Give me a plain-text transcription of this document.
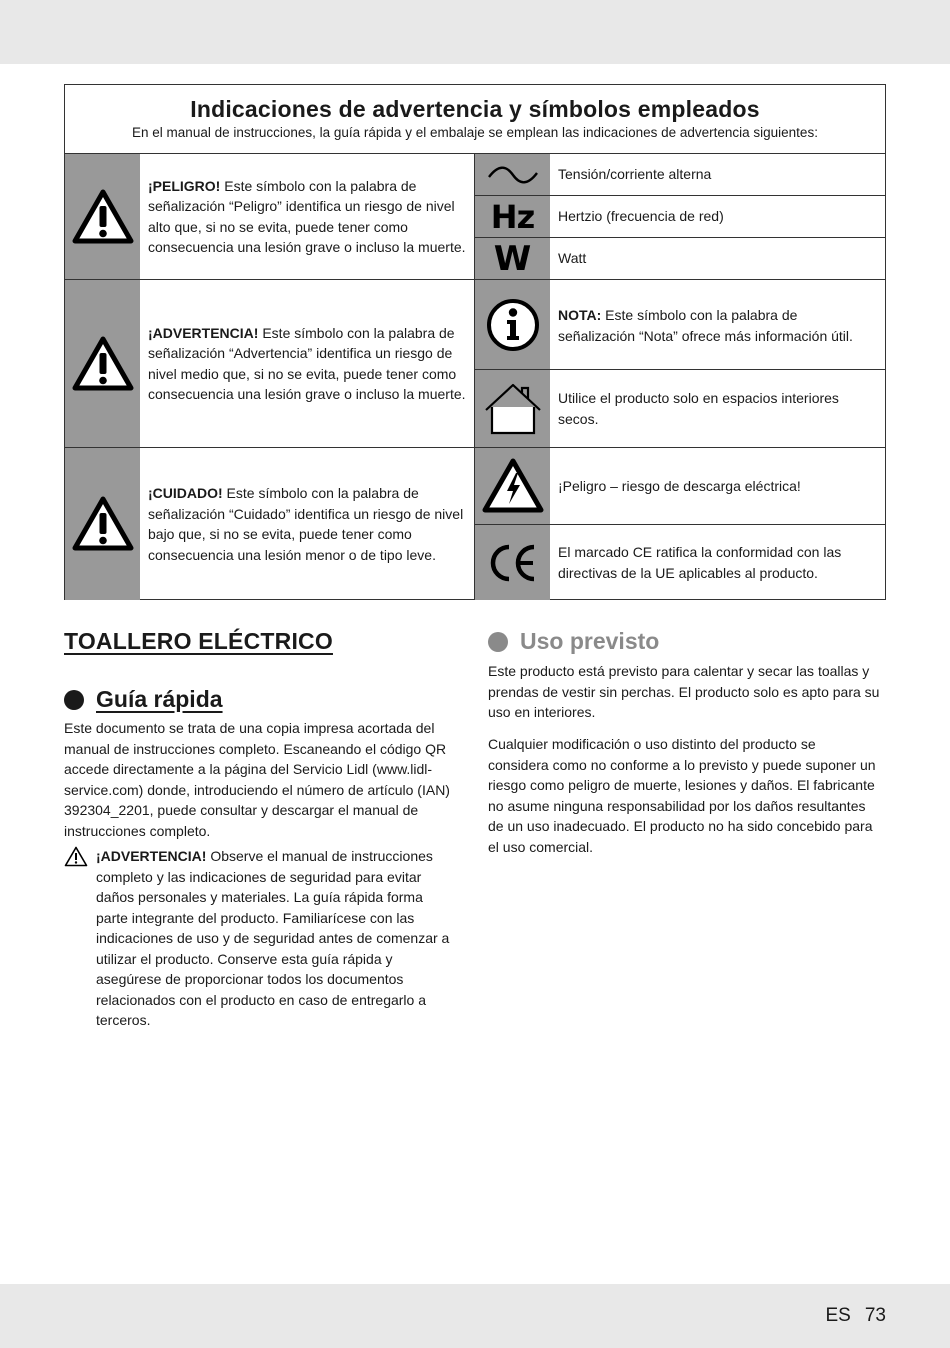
Indicaciones de advertencia y símbolos empleados
En el manual de instrucciones, la guía rápida y el embalaje se emplean las indicaciones de advertencia siguientes:
¡PELIGRO! Este símbolo con la palabra de señalización “Peligro” identifica un riesgo de nivel alto que, si no se evita, puede tener como consecuencia una lesión grave o incluso la muerte.
¡ADVERTENCIA! Este símbolo con la palabra de señalización “Advertencia” identifica un riesgo de nivel medio que, si no se evita, puede tener como consecuencia una lesión grave o incluso la muerte.
¡CUIDADO! Este símbolo con la palabra de señalización “Cuidado” identifica un riesgo de nivel bajo que, si no se evita, puede tener como consecuencia una lesión menor o de tipo leve.
Tensión/corriente alterna
Hz Hertzio (frecuencia de red)
W Watt
NOTA: Este símbolo con la palabra de señalización “Nota” ofrece más información útil.
Utilice el producto solo en espacios interiores secos.
¡Peligro – riesgo de descarga eléctrica!
El marcado CE ratifica la conformidad con las directivas de la UE aplicables al producto.
TOALLERO ELÉCTRICO
Guía rápida
Este documento se trata de una copia impresa acortada del manual de instrucciones completo. Escaneando el código QR accede directamente a la página del Servicio Lidl (www.lidl-service.com) donde, introduciendo el número de artículo (IAN) 392304_2201, puede consultar y descargar el manual de instrucciones completo.
¡ADVERTENCIA! Observe el manual de instrucciones completo y las indicaciones de seguridad para evitar daños personales y materiales. La guía rápida forma parte integrante del producto. Familiarícese con las indicaciones de uso y de seguridad antes de comenzar a utilizar el producto. Conserve esta guía rápida y asegúrese de proporcionar todos los documentos relacionados con el producto en caso de entregarlo a terceros.
Uso previsto
Este producto está previsto para calentar y secar las toallas y prendas de vestir sin perchas. El producto solo es apto para su uso en interiores.
Cualquier modificación o uso distinto del producto se considera como no conforme a lo previsto y puede suponer un riesgo como peligro de muerte, lesiones y daños. El fabricante no asume ninguna responsabilidad por los daños resultantes de un uso inadecuado. El producto no ha sido concebido para el uso comercial.
ES 73
